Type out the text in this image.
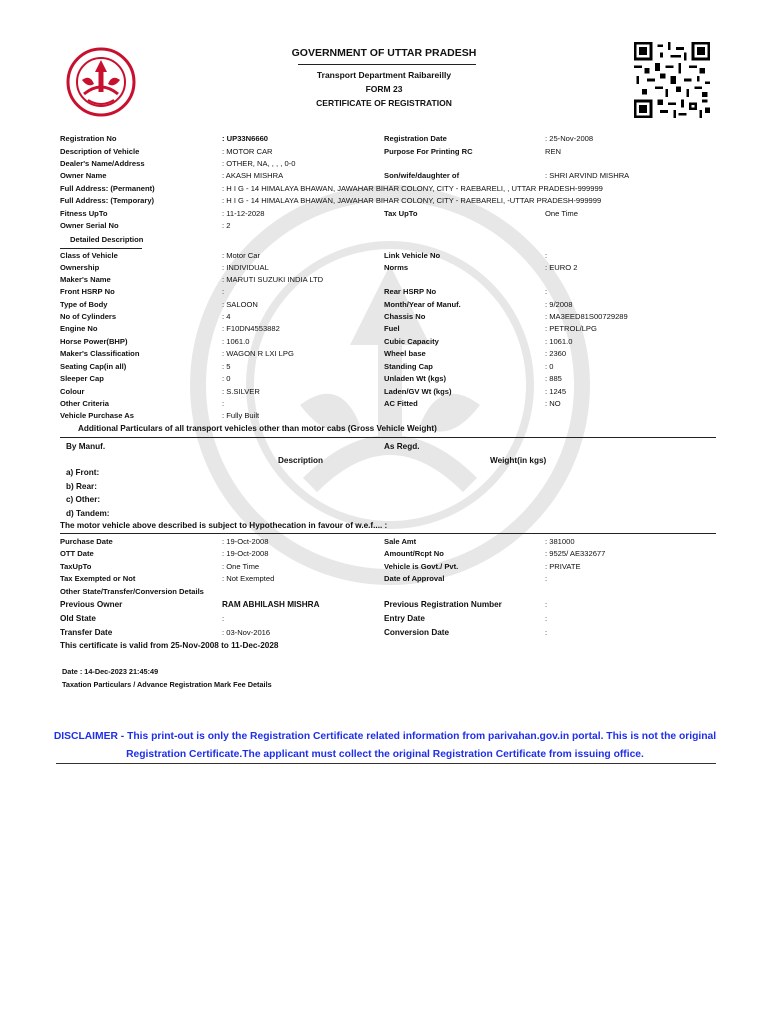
GOVERNMENT OF UTTAR PRADESH
Transport Department Raibareilly
FORM 23
CERTIFICATE OF REGISTRATION
Registration No	: UP33N6660	Registration Date	: 25-Nov-2008
Description of Vehicle	: MOTOR CAR	Purpose For Printing RC	REN
Dealer's Name/Address	: OTHER, NA, , , , 0-0
Owner Name	: AKASH MISHRA	Son/wife/daughter of	: SHRI ARVIND MISHRA
Full Address: (Permanent)	: H I G - 14 HIMALAYA BHAWAN, JAWAHAR BIHAR COLONY, CITY - RAEBARELI, , UTTAR PRADESH-999999
Full Address: (Temporary)	: H I G - 14 HIMALAYA BHAWAN, JAWAHAR BIHAR COLONY, CITY - RAEBARELI, -UTTAR PRADESH-999999
Fitness UpTo	: 11-12-2028	Tax UpTo	One Time
Owner Serial No	: 2
Detailed Description
Class of Vehicle	: Motor Car	Link Vehicle No	:
Ownership	: INDIVIDUAL	Norms	: EURO 2
Maker's Name	: MARUTI SUZUKI INDIA LTD
Front HSRP No	:	Rear HSRP No	:
Type of Body	: SALOON	Month/Year of Manuf.	: 9/2008
No of Cylinders	: 4	Chassis No	: MA3EED81S00729289
Engine No	: F10DN4553882	Fuel	: PETROL/LPG
Horse Power(BHP)	: 1061.0	Cubic Capacity	: 1061.0
Maker's Classification	: WAGON R LXI LPG	Wheel base	: 2360
Seating Cap(in all)	: 5	Standing Cap	: 0
Sleeper Cap	: 0	Unladen Wt (kgs)	: 885
Colour	: S.SILVER	Laden/GV Wt (kgs)	: 1245
Other Criteria	:	AC Fitted	: NO
Vehicle Purchase As	: Fully Built
Additional Particulars of all transport vehicles other than motor cabs (Gross Vehicle Weight)
By Manuf.	As Regd.
Description	Weight(in kgs)
a) Front:
b) Rear:
c) Other:
d) Tandem:
The motor vehicle above described is subject to Hypothecation in favour of w.e.f.... :
Purchase Date	: 19-Oct-2008	Sale Amt	: 381000
OTT Date	: 19-Oct-2008	Amount/Rcpt No	: 9525/ AE332677
TaxUpTo	: One Time	Vehicle is Govt./ Pvt.	: PRIVATE
Tax Exempted or Not	: Not Exempted	Date of Approval	:
Other State/Transfer/Conversion Details
Previous Owner	RAM ABHILASH MISHRA	Previous Registration Number	:
Old State	:	Entry Date	:
Transfer Date	: 03-Nov-2016	Conversion Date	:
This certificate is valid from 25-Nov-2008 to 11-Dec-2028
Date : 14-Dec-2023 21:45:49
Taxation Particulars / Advance Registration Mark Fee Details
DISCLAIMER - This print-out is only the Registration Certificate related information from parivahan.gov.in portal. This is not the original
Registration Certificate.The applicant must collect the original Registration Certificate from issuing office.
